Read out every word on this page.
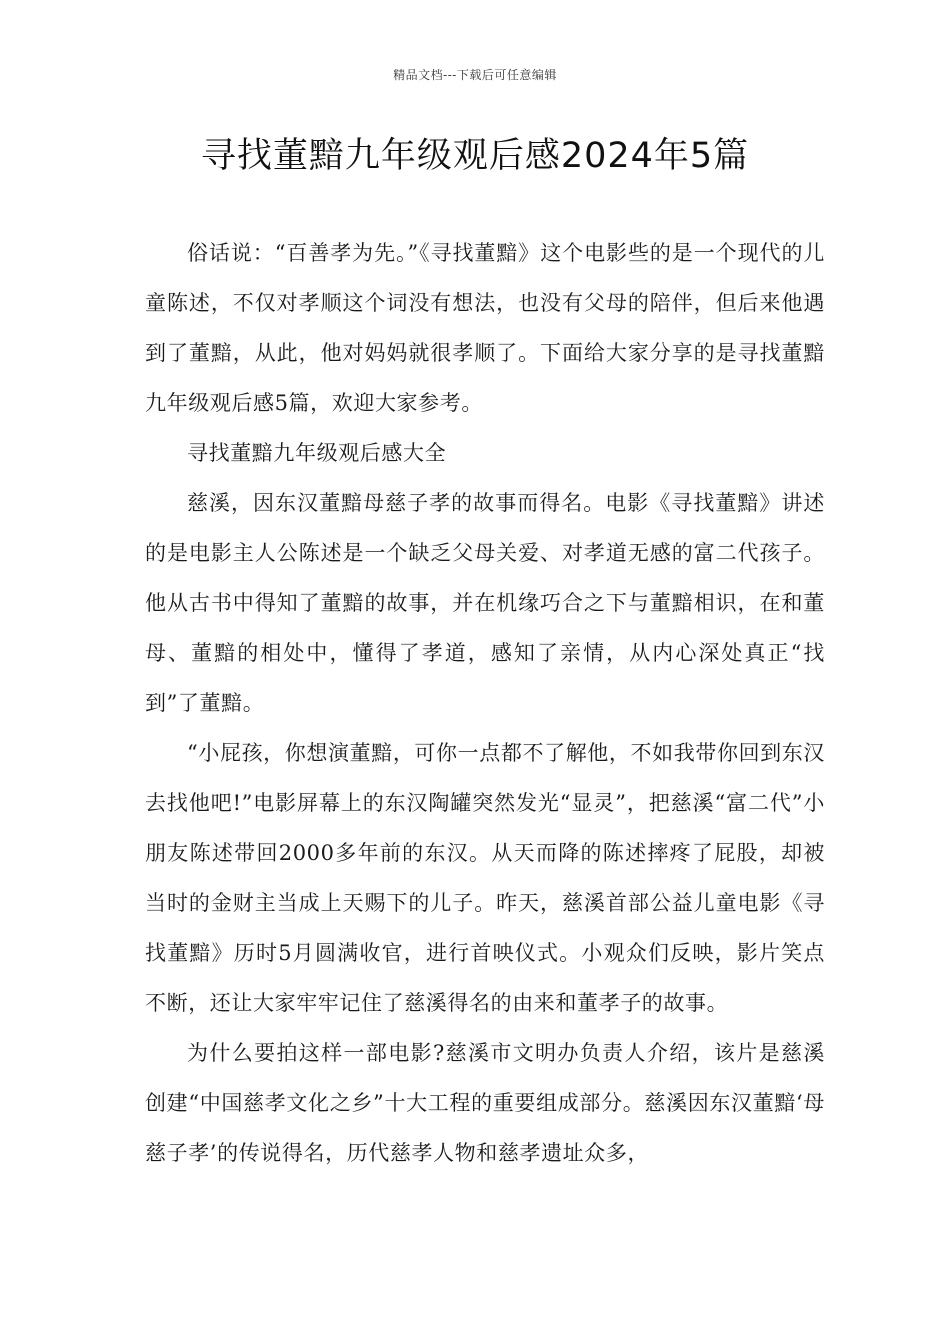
精品文档---下载后可任意编辑
寻找董黯九年级观后感2024年5篇

俗话说：“百善孝为先。”《寻找董黯》这个电影些的是一个现代的儿童陈述，不仅对孝顺这个词没有想法，也没有父母的陪伴，但后来他遇到了董黯，从此，他对妈妈就很孝顺了。下面给大家分享的是寻找董黯九年级观后感5篇，欢迎大家参考。

寻找董黯九年级观后感大全

慈溪，因东汉董黯母慈子孝的故事而得名。电影《寻找董黯》讲述的是电影主人公陈述是一个缺乏父母关爱、对孝道无感的富二代孩子。他从古书中得知了董黯的故事，并在机缘巧合之下与董黯相识，在和董母、董黯的相处中，懂得了孝道，感知了亲情，从内心深处真正“找到”了董黯。

“小屁孩，你想演董黯，可你一点都不了解他，不如我带你回到东汉去找他吧!”电影屏幕上的东汉陶罐突然发光“显灵”，把慈溪“富二代”小朋友陈述带回2000多年前的东汉。从天而降的陈述摔疼了屁股，却被当时的金财主当成上天赐下的儿子。昨天，慈溪首部公益儿童电影《寻找董黯》历时5月圆满收官，进行首映仪式。小观众们反映，影片笑点不断，还让大家牢牢记住了慈溪得名的由来和董孝子的故事。

为什么要拍这样一部电影?慈溪市文明办负责人介绍，该片是慈溪创建“中国慈孝文化之乡”十大工程的重要组成部分。慈溪因东汉董黯‘母慈子孝’的传说得名，历代慈孝人物和慈孝遗址众多，
